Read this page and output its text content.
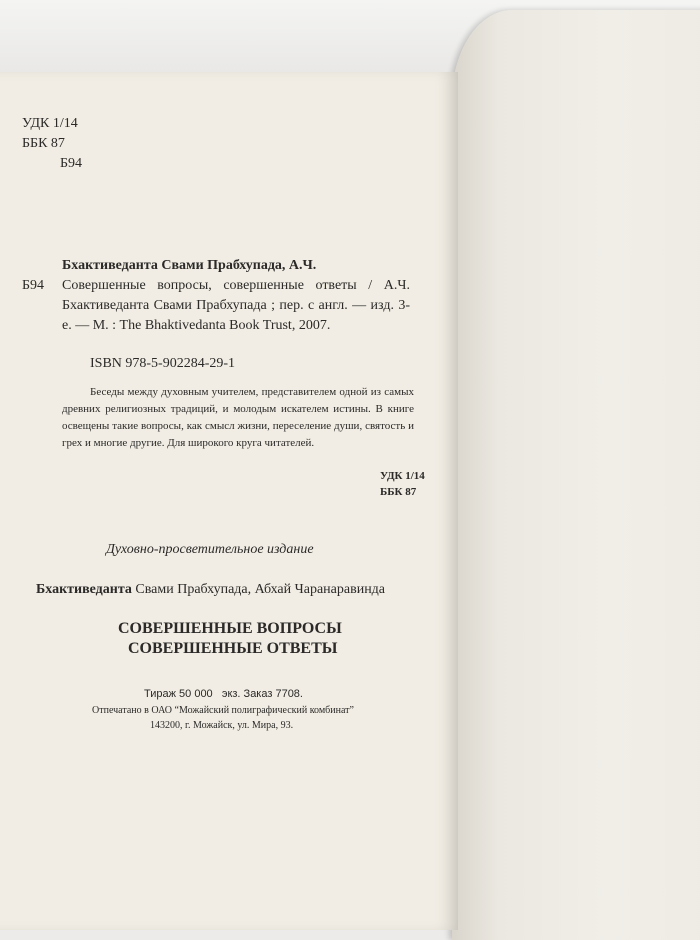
УДК 1/14
ББК 87
Б94
Бхактиведанта Свами Прабхупада, А.Ч.
Б94 Совершенные вопросы, совершенные ответы / А.Ч. Бхактиведанта Свами Прабхупада ; пер. с англ. — изд. 3-е. — М. : The Bhaktivedanta Book Trust, 2007.
ISBN 978-5-902284-29-1
Беседы между духовным учителем, представителем одной из самых древних религиозных традиций, и молодым искателем истины. В книге освещены такие вопросы, как смысл жизни, переселение души, святость и грех и многие другие. Для широкого круга читателей.
УДК 1/14
ББК 87
Духовно-просветительное издание
Бхактиведанта Свами Прабхупада, Абхай Чаранаравинда
СОВЕРШЕННЫЕ ВОПРОСЫ
СОВЕРШЕННЫЕ ОТВЕТЫ
Тираж 50 000   экз. Заказ 7708.
Отпечатано в ОАО “Можайский полиграфический комбинат”
143200, г. Можайск, ул. Мира, 93.
